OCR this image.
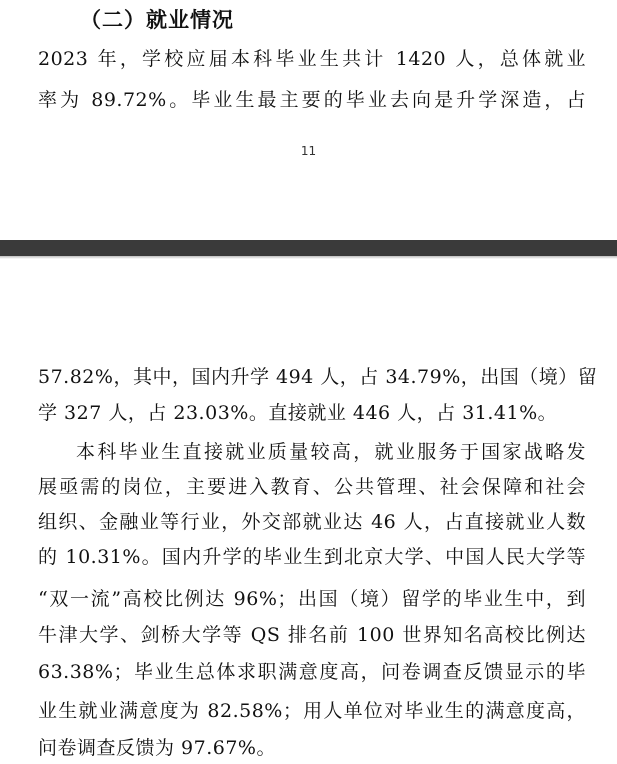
（二）就业情况
2023 年，学校应届本科毕业生共计 1420 人，总体就业
率为 89.72%。毕业生最主要的毕业去向是升学深造，占
11
57.82%，其中，国内升学 494 人，占 34.79%，出国（境）留
学 327 人，占 23.03%。直接就业 446 人，占 31.41%。
本科毕业生直接就业质量较高，就业服务于国家战略发
展亟需的岗位，主要进入教育、公共管理、社会保障和社会
组织、金融业等行业，外交部就业达 46 人，占直接就业人数
的 10.31%。国内升学的毕业生到北京大学、中国人民大学等
“双一流”高校比例达 96%；出国（境）留学的毕业生中，到
牛津大学、剑桥大学等 QS 排名前 100 世界知名高校比例达
63.38%；毕业生总体求职满意度高，问卷调查反馈显示的毕
业生就业满意度为 82.58%；用人单位对毕业生的满意度高，
问卷调查反馈为 97.67%。
